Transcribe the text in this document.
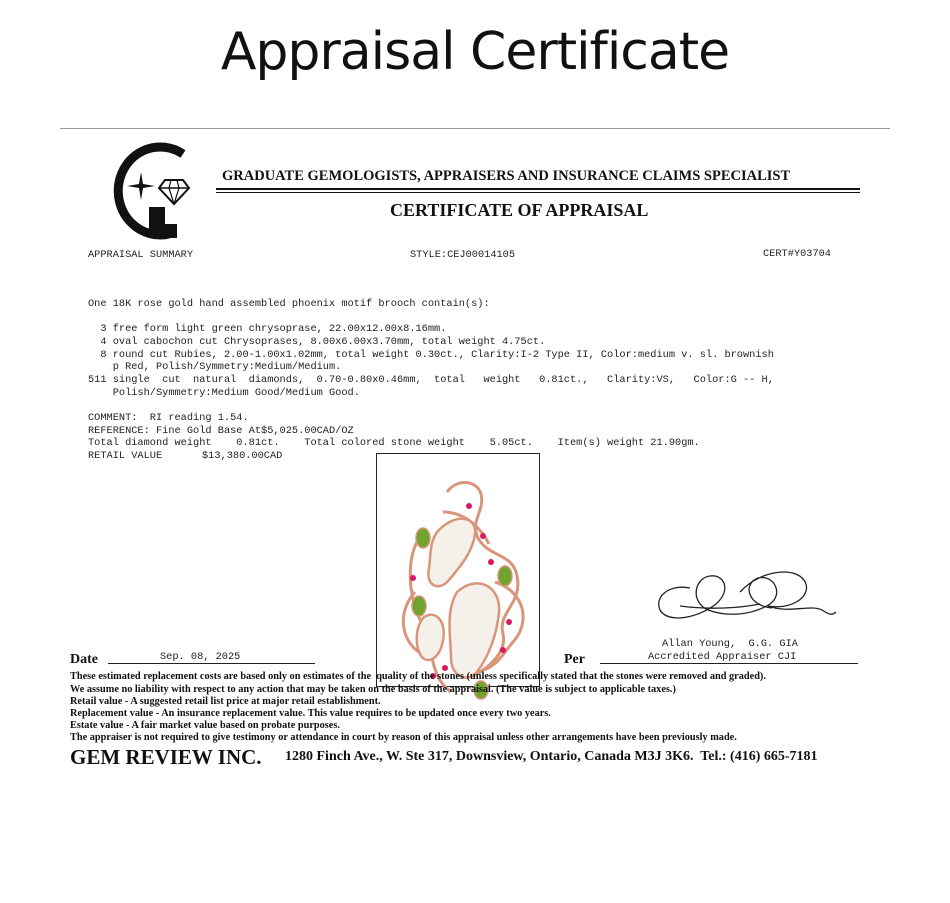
Appraisal Certificate
GRADUATE GEMOLOGISTS, APPRAISERS AND INSURANCE CLAIMS SPECIALIST
CERTIFICATE OF APPRAISAL
APPRAISAL SUMMARY	STYLE:CEJ00014105	CERT#Y03704
One 18K rose gold hand assembled phoenix motif brooch contain(s):
3 free form light green chrysoprase, 22.00x12.00x8.16mm.
4 oval cabochon cut Chrysoprases, 8.00x6.00x3.70mm, total weight 4.75ct.
8 round cut Rubies, 2.00-1.00x1.02mm, total weight 0.30ct., Clarity:I-2 Type II, Color:medium v. sl. brownish
p Red, Polish/Symmetry:Medium/Medium.
511 single  cut  natural  diamonds,  0.70-0.80x0.46mm,  total   weight   0.81ct.,   Clarity:VS,   Color:G -- H,
Polish/Symmetry:Medium Good/Medium Good.
COMMENT:  RI reading 1.54.
REFERENCE: Fine Gold Base At$5,025.00CAD/OZ
Total diamond weight    0.81ct.    Total colored stone weight    5.05ct.    Item(s) weight 21.90gm.
RETAIL VALUE	$13,380.00CAD

Allan Young,  G.G. GIA
Date	Sep. 08, 2025	Per	Accredited Appraiser CJI
These estimated replacement costs are based only on estimates of the  quality of the stones (unless specifically stated that the stones were removed and graded).
We assume no liability with respect to any action that may be taken on the basis of the appraisal. (The value is subject to applicable taxes.)
Retail value - A suggested retail list price at major retail establishment.
Replacement value - An insurance replacement value. This value requires to be updated once every two years.
Estate value - A fair market value based on probate purposes.
The appraiser is not required to give testimony or attendance in court by reason of this appraisal unless other arrangements have been previously made.
GEM REVIEW INC. 1280 Finch Ave., W. Ste 317, Downsview, Ontario, Canada M3J 3K6.  Tel.: (416) 665-7181
